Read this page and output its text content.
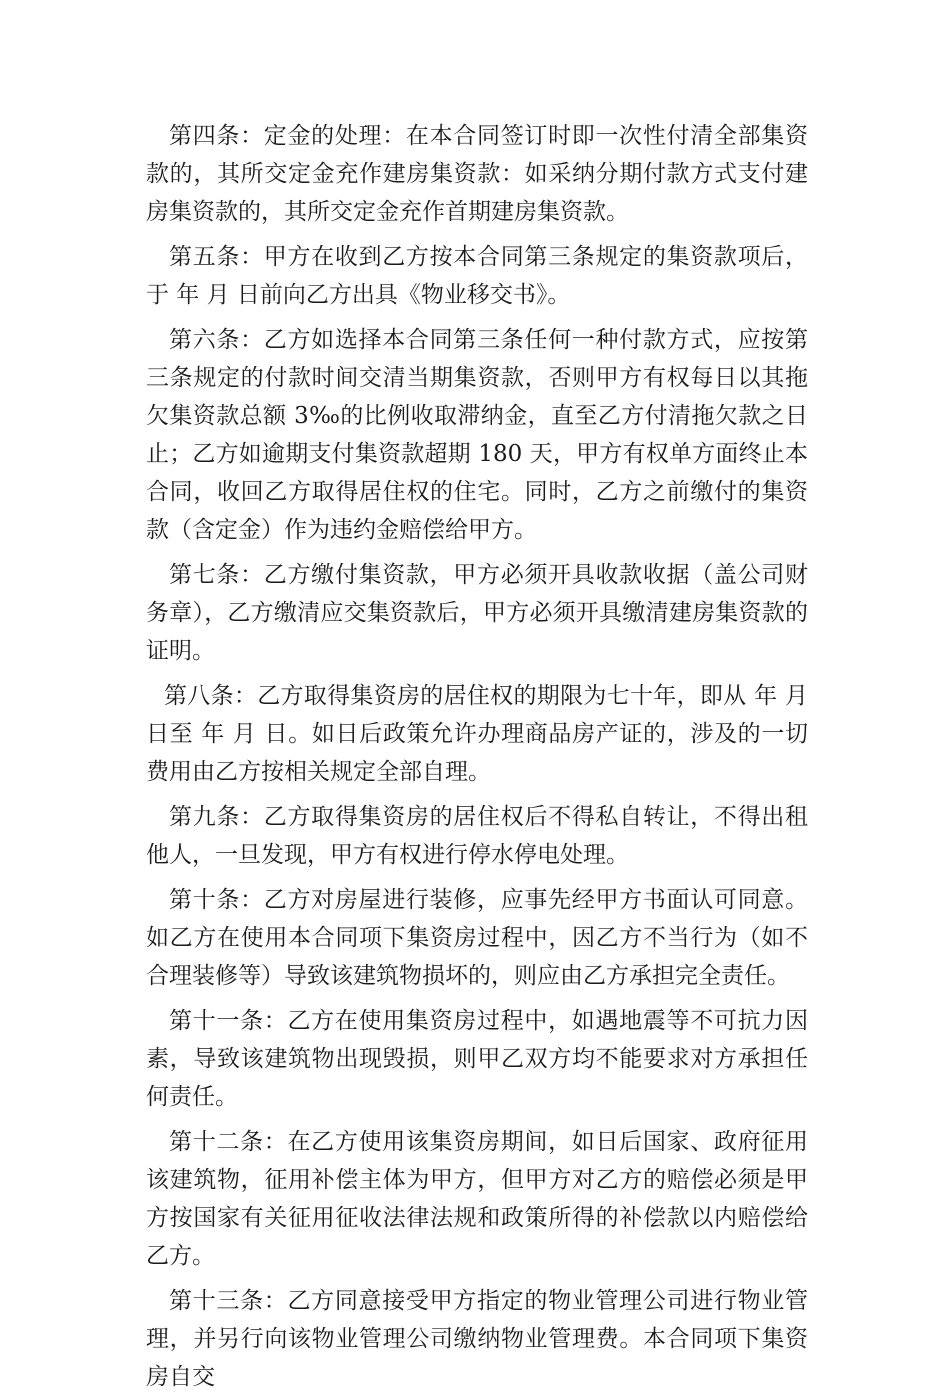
第四条：定金的处理：在本合同签订时即一次性付清全部集资款的，其所交定金充作建房集资款：如采纳分期付款方式支付建房集资款的，其所交定金充作首期建房集资款。

第五条：甲方在收到乙方按本合同第三条规定的集资款项后，于 年 月 日前向乙方出具《物业移交书》。

第六条：乙方如选择本合同第三条任何一种付款方式，应按第三条规定的付款时间交清当期集资款，否则甲方有权每日以其拖欠集资款总额 3‰的比例收取滞纳金，直至乙方付清拖欠款之日止；乙方如逾期支付集资款超期 180 天，甲方有权单方面终止本合同，收回乙方取得居住权的住宅。同时，乙方之前缴付的集资款（含定金）作为违约金赔偿给甲方。

第七条：乙方缴付集资款，甲方必须开具收款收据（盖公司财务章），乙方缴清应交集资款后，甲方必须开具缴清建房集资款的证明。

第八条：乙方取得集资房的居住权的期限为七十年，即从 年 月 日至 年 月 日。如日后政策允许办理商品房产证的，涉及的一切费用由乙方按相关规定全部自理。

第九条：乙方取得集资房的居住权后不得私自转让，不得出租他人，一旦发现，甲方有权进行停水停电处理。

第十条：乙方对房屋进行装修，应事先经甲方书面认可同意。如乙方在使用本合同项下集资房过程中，因乙方不当行为（如不合理装修等）导致该建筑物损坏的，则应由乙方承担完全责任。

第十一条：乙方在使用集资房过程中，如遇地震等不可抗力因素，导致该建筑物出现毁损，则甲乙双方均不能要求对方承担任何责任。

第十二条：在乙方使用该集资房期间，如日后国家、政府征用该建筑物，征用补偿主体为甲方，但甲方对乙方的赔偿必须是甲方按国家有关征用征收法律法规和政策所得的补偿款以内赔偿给乙方。

第十三条：乙方同意接受甲方指定的物业管理公司进行物业管理，并另行向该物业管理公司缴纳物业管理费。本合同项下集资房自交
